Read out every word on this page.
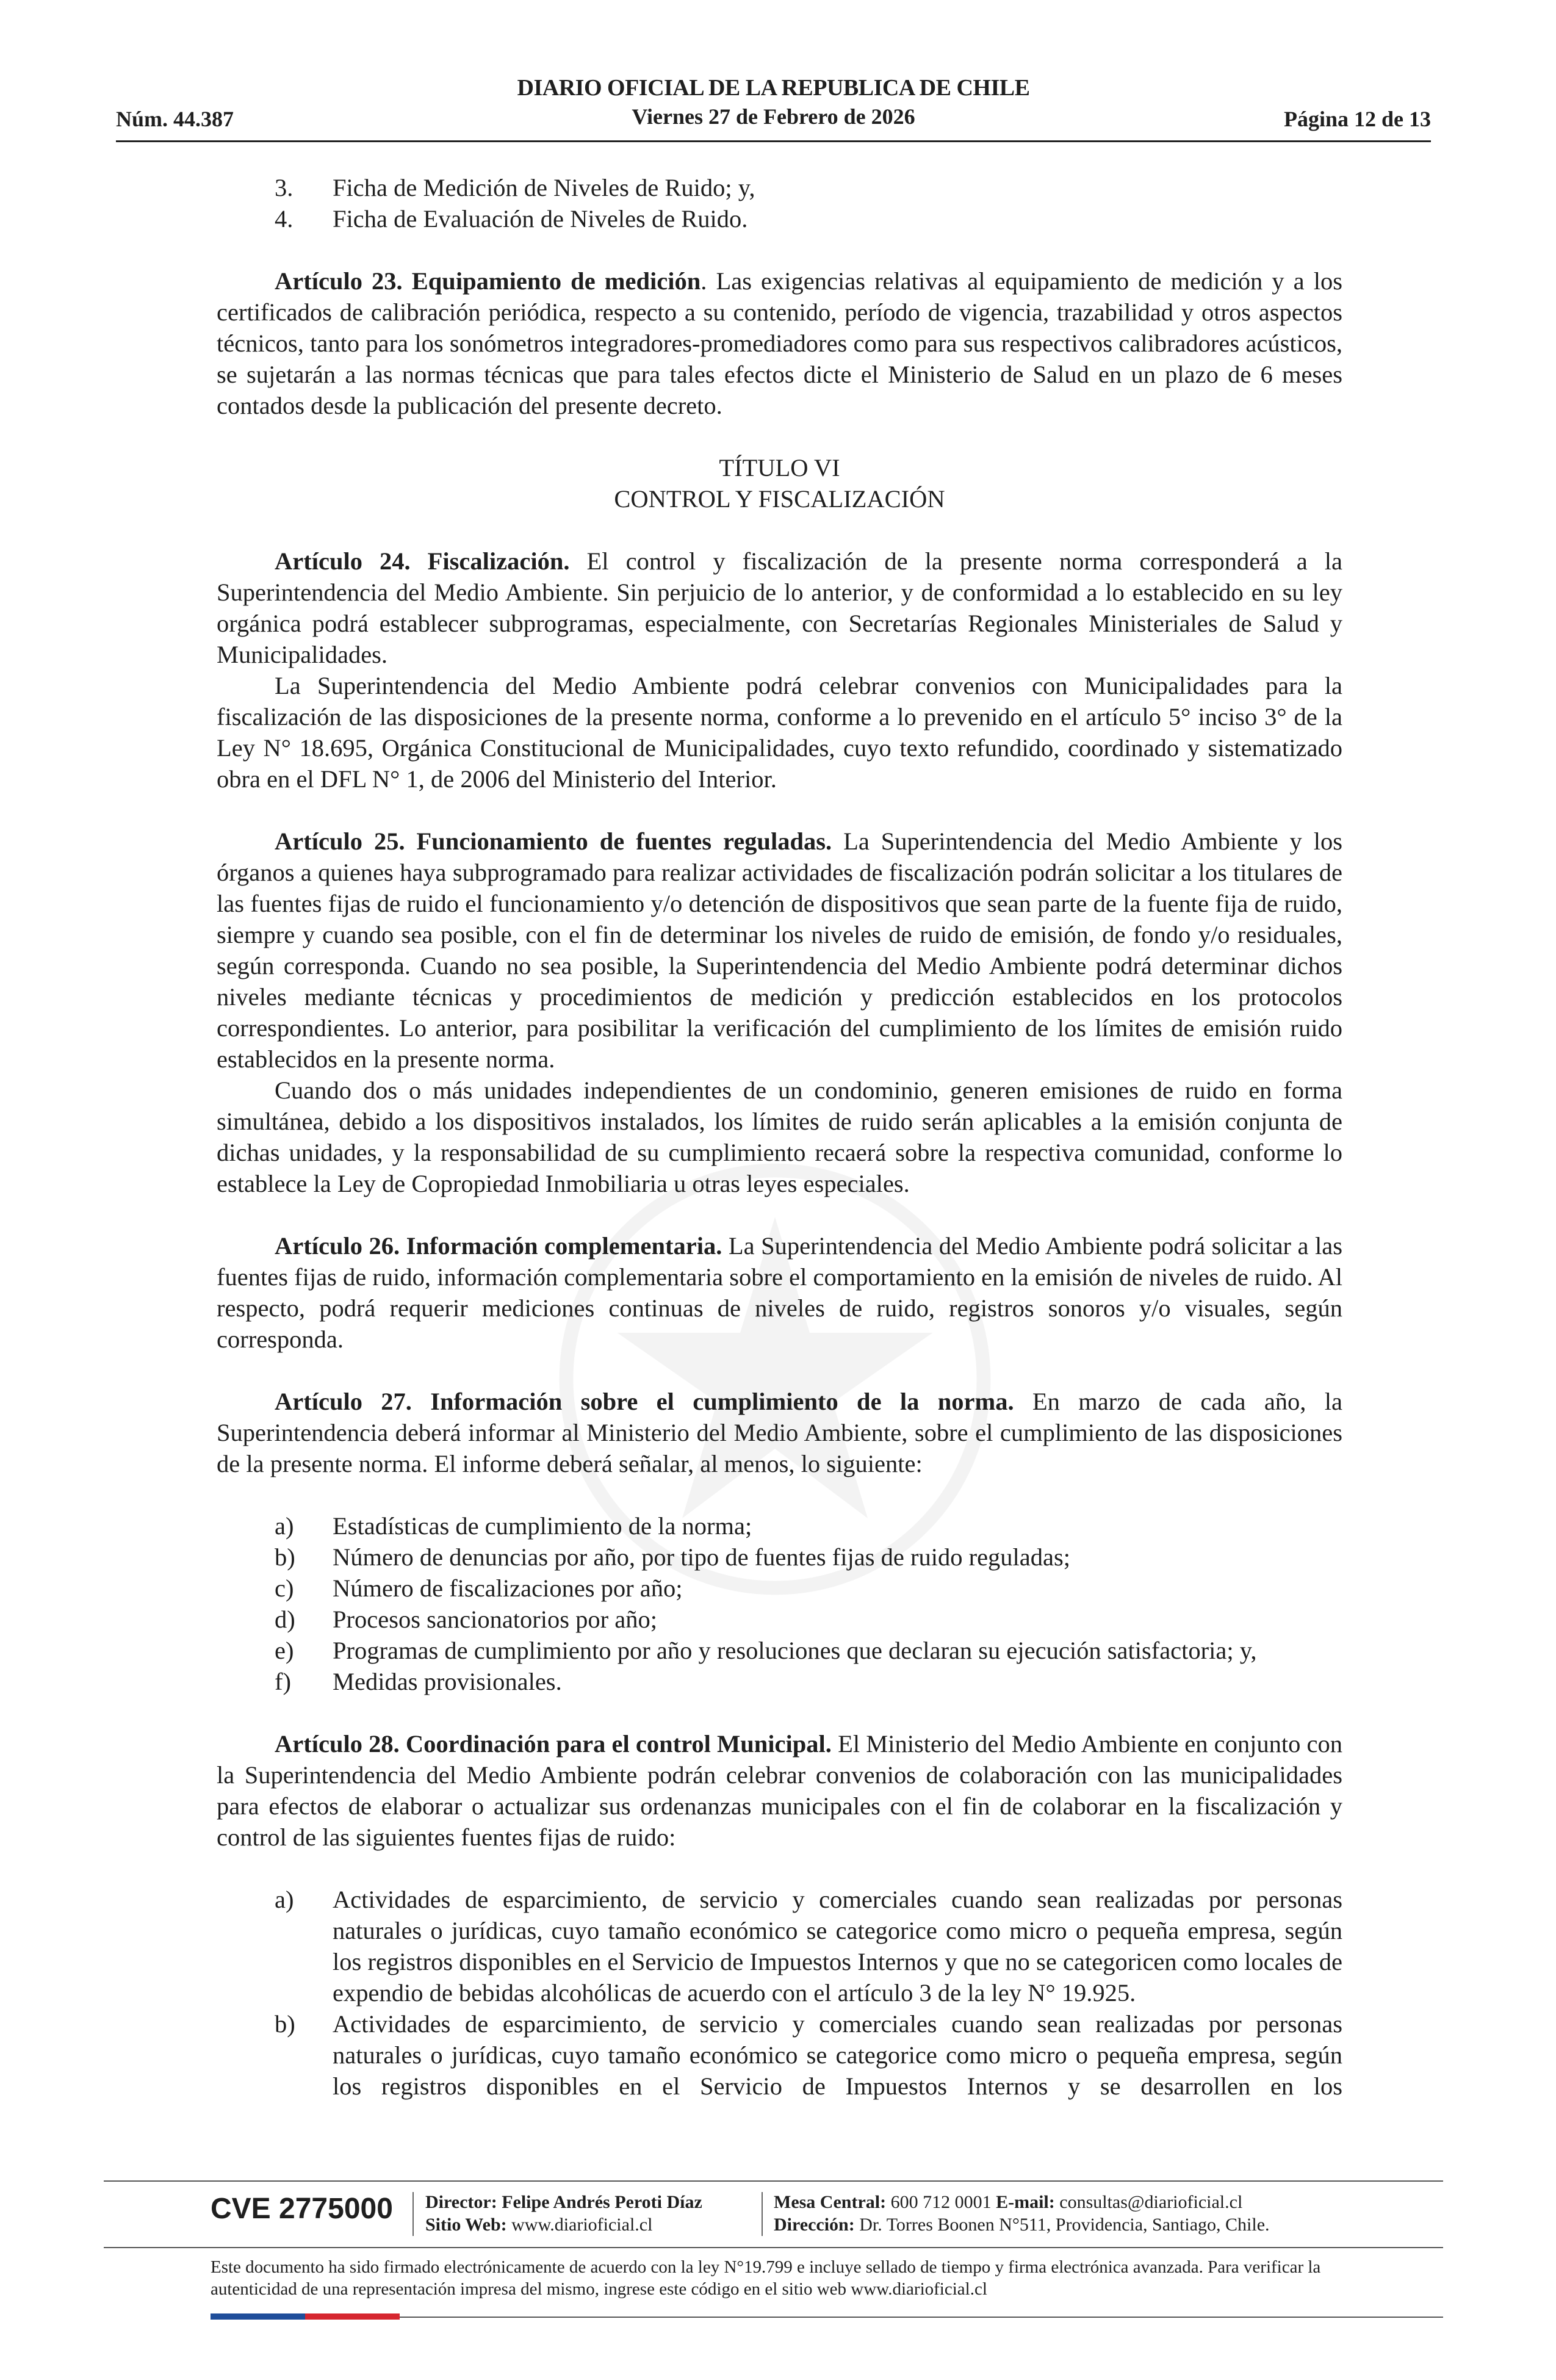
Núm. 44.387
DIARIO OFICIAL DE LA REPUBLICA DE CHILE
Viernes 27 de Febrero de 2026	Página 12 de 13
3.	Ficha de Medición de Niveles de Ruido; y,
4.	Ficha de Evaluación de Niveles de Ruido.

Artículo 23. Equipamiento de medición. Las exigencias relativas al equipamiento de medición y a los certificados de calibración periódica, respecto a su contenido, período de vigencia, trazabilidad y otros aspectos técnicos, tanto para los sonómetros integradores-promediadores como para sus respectivos calibradores acústicos, se sujetarán a las normas técnicas que para tales efectos dicte el Ministerio de Salud en un plazo de 6 meses contados desde la publicación del presente decreto.

TÍTULO VI
CONTROL Y FISCALIZACIÓN

Artículo 24. Fiscalización. El control y fiscalización de la presente norma corresponderá a la Superintendencia del Medio Ambiente. Sin perjuicio de lo anterior, y de conformidad a lo establecido en su ley orgánica podrá establecer subprogramas, especialmente, con Secretarías Regionales Ministeriales de Salud y Municipalidades.

La Superintendencia del Medio Ambiente podrá celebrar convenios con Municipalidades para la fiscalización de las disposiciones de la presente norma, conforme a lo prevenido en el artículo 5° inciso 3° de la Ley N° 18.695, Orgánica Constitucional de Municipalidades, cuyo texto refundido, coordinado y sistematizado obra en el DFL N° 1, de 2006 del Ministerio del Interior.

Artículo 25. Funcionamiento de fuentes reguladas. La Superintendencia del Medio Ambiente y los órganos a quienes haya subprogramado para realizar actividades de fiscalización podrán solicitar a los titulares de las fuentes fijas de ruido el funcionamiento y/o detención de dispositivos que sean parte de la fuente fija de ruido, siempre y cuando sea posible, con el fin de determinar los niveles de ruido de emisión, de fondo y/o residuales, según corresponda. Cuando no sea posible, la Superintendencia del Medio Ambiente podrá determinar dichos niveles mediante técnicas y procedimientos de medición y predicción establecidos en los protocolos correspondientes. Lo anterior, para posibilitar la verificación del cumplimiento de los límites de emisión ruido establecidos en la presente norma.

Cuando dos o más unidades independientes de un condominio, generen emisiones de ruido en forma simultánea, debido a los dispositivos instalados, los límites de ruido serán aplicables a la emisión conjunta de dichas unidades, y la responsabilidad de su cumplimiento recaerá sobre la respectiva comunidad, conforme lo establece la Ley de Copropiedad Inmobiliaria u otras leyes especiales.

Artículo 26. Información complementaria. La Superintendencia del Medio Ambiente podrá solicitar a las fuentes fijas de ruido, información complementaria sobre el comportamiento en la emisión de niveles de ruido. Al respecto, podrá requerir mediciones continuas de niveles de ruido, registros sonoros y/o visuales, según corresponda.

Artículo 27. Información sobre el cumplimiento de la norma. En marzo de cada año, la Superintendencia deberá informar al Ministerio del Medio Ambiente, sobre el cumplimiento de las disposiciones de la presente norma. El informe deberá señalar, al menos, lo siguiente:

a)	Estadísticas de cumplimiento de la norma;
b)	Número de denuncias por año, por tipo de fuentes fijas de ruido reguladas;
c)	Número de fiscalizaciones por año;
d)	Procesos sancionatorios por año;
e)	Programas de cumplimiento por año y resoluciones que declaran su ejecución satisfactoria; y,
f)	Medidas provisionales.

Artículo 28. Coordinación para el control Municipal. El Ministerio del Medio Ambiente en conjunto con la Superintendencia del Medio Ambiente podrán celebrar convenios de colaboración con las municipalidades para efectos de elaborar o actualizar sus ordenanzas municipales con el fin de colaborar en la fiscalización y control de las siguientes fuentes fijas de ruido:

a)	Actividades de esparcimiento, de servicio y comerciales cuando sean realizadas por personas naturales o jurídicas, cuyo tamaño económico se categorice como micro o pequeña empresa, según los registros disponibles en el Servicio de Impuestos Internos y que no se categoricen como locales de expendio de bebidas alcohólicas de acuerdo con el artículo 3 de la ley N° 19.925.
b)	Actividades de esparcimiento, de servicio y comerciales cuando sean realizadas por personas naturales o jurídicas, cuyo tamaño económico se categorice como micro o pequeña empresa, según los registros disponibles en el Servicio de Impuestos Internos y se desarrollen en los
CVE 2775000 Director: Felipe Andrés Peroti Díaz
Sitio Web: www.diarioficial.cl
Mesa Central: 600 712 0001 E-mail: consultas@diarioficial.cl
Dirección: Dr. Torres Boonen N°511, Providencia, Santiago, Chile.
Este documento ha sido firmado electrónicamente de acuerdo con la ley N°19.799 e incluye sellado de tiempo y firma electrónica avanzada. Para verificar la autenticidad de una representación impresa del mismo, ingrese este código en el sitio web www.diarioficial.cl
